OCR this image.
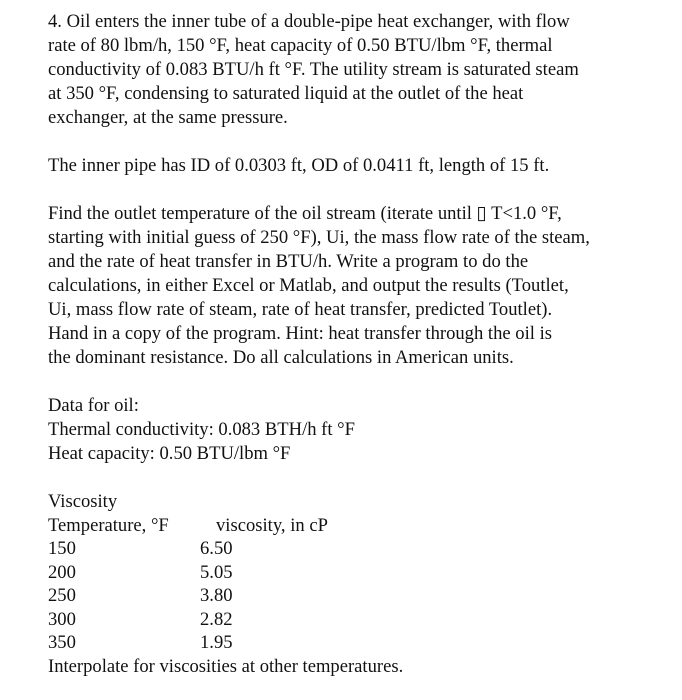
4. Oil enters the inner tube of a double-pipe heat exchanger, with flow
rate of 80 lbm/h, 150 °F, heat capacity of 0.50 BTU/lbm °F, thermal
conductivity of 0.083 BTU/h ft °F. The utility stream is saturated steam
at 350 °F, condensing to saturated liquid at the outlet of the heat
exchanger, at the same pressure.

The inner pipe has ID of 0.0303 ft, OD of 0.0411 ft, length of 15 ft.

Find the outlet temperature of the oil stream (iterate until ▯ T<1.0 °F,
starting with initial guess of 250 °F), Ui, the mass flow rate of the steam,
and the rate of heat transfer in BTU/h. Write a program to do the
calculations, in either Excel or Matlab, and output the results (Toutlet,
Ui, mass flow rate of steam, rate of heat transfer, predicted Toutlet).
Hand in a copy of the program. Hint: heat transfer through the oil is
the dominant resistance. Do all calculations in American units.

Data for oil:
Thermal conductivity: 0.083 BTH/h ft °F
Heat capacity: 0.50 BTU/lbm °F
Viscosity
Temperature, °F	viscosity, in cP
150	6.50
200	5.05
250	3.80
300	2.82
350	1.95
Interpolate for viscosities at other temperatures.
